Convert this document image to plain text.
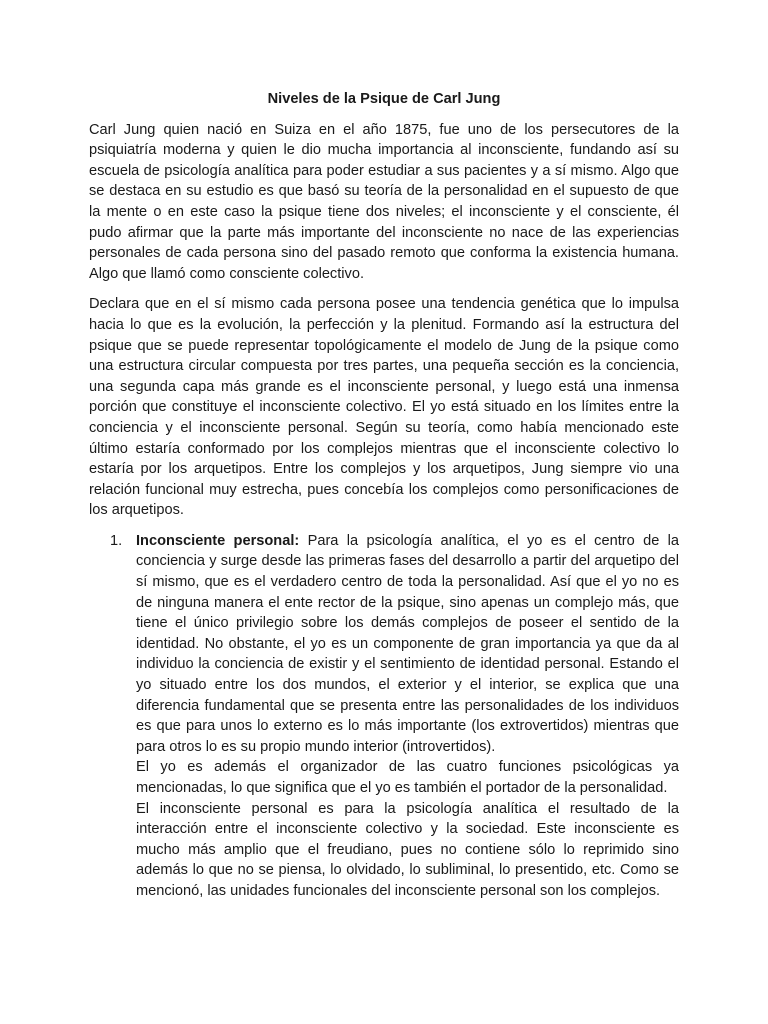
Niveles de la Psique de Carl Jung

Carl Jung quien nació en Suiza en el año 1875, fue uno de los persecutores de la psiquiatría moderna y quien le dio mucha importancia al inconsciente, fundando así su escuela de psicología analítica para poder estudiar a sus pacientes y a sí mismo. Algo que se destaca en su estudio es que basó su teoría de la personalidad en el supuesto de que la mente o en este caso la psique tiene dos niveles; el inconsciente y el consciente, él pudo afirmar que la parte más importante del inconsciente no nace de las experiencias personales de cada persona sino del pasado remoto que conforma la existencia humana. Algo que llamó como consciente colectivo.

Declara que en el sí mismo cada persona posee una tendencia genética que lo impulsa hacia lo que es la evolución, la perfección y la plenitud. Formando así la estructura del psique que se puede representar topológicamente el modelo de Jung de la psique como una estructura circular compuesta por tres partes, una pequeña sección es la conciencia, una segunda capa más grande es el inconsciente personal, y luego está una inmensa porción que constituye el inconsciente colectivo. El yo está situado en los límites entre la conciencia y el inconsciente personal. Según su teoría, como había mencionado este último estaría conformado por los complejos mientras que el inconsciente colectivo lo estaría por los arquetipos. Entre los complejos y los arquetipos, Jung siempre vio una relación funcional muy estrecha, pues concebía los complejos como personificaciones de los arquetipos.

1. Inconsciente personal: Para la psicología analítica, el yo es el centro de la conciencia y surge desde las primeras fases del desarrollo a partir del arquetipo del sí mismo, que es el verdadero centro de toda la personalidad. Así que el yo no es de ninguna manera el ente rector de la psique, sino apenas un complejo más, que tiene el único privilegio sobre los demás complejos de poseer el sentido de la identidad. No obstante, el yo es un componente de gran importancia ya que da al individuo la conciencia de existir y el sentimiento de identidad personal. Estando el yo situado entre los dos mundos, el exterior y el interior, se explica que una diferencia fundamental que se presenta entre las personalidades de los individuos es que para unos lo externo es lo más importante (los extrovertidos) mientras que para otros lo es su propio mundo interior (introvertidos).

El yo es además el organizador de las cuatro funciones psicológicas ya mencionadas, lo que significa que el yo es también el portador de la personalidad.

El inconsciente personal es para la psicología analítica el resultado de la interacción entre el inconsciente colectivo y la sociedad. Este inconsciente es mucho más amplio que el freudiano, pues no contiene sólo lo reprimido sino además lo que no se piensa, lo olvidado, lo subliminal, lo presentido, etc. Como se mencionó, las unidades funcionales del inconsciente personal son los complejos.
